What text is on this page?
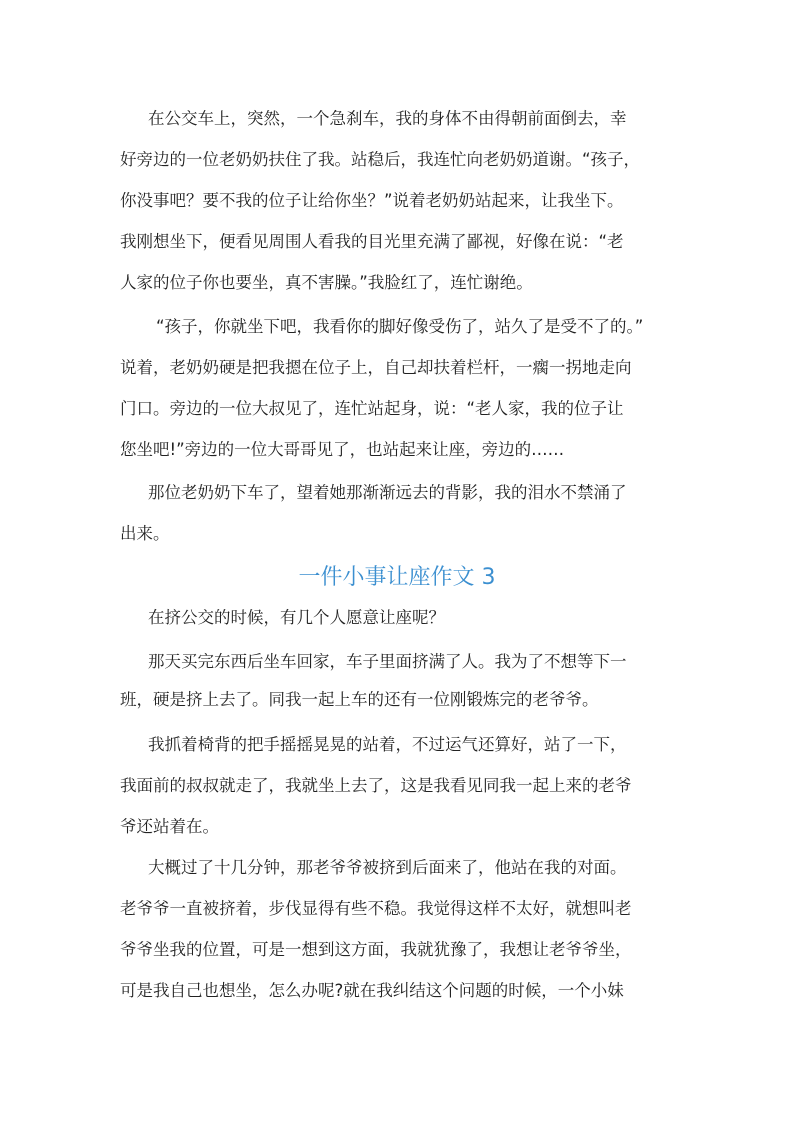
在公交车上，突然，一个急刹车，我的身体不由得朝前面倒去，幸
好旁边的一位老奶奶扶住了我。站稳后，我连忙向老奶奶道谢。“孩子，
你没事吧？要不我的位子让给你坐？”说着老奶奶站起来，让我坐下。
我刚想坐下，便看见周围人看我的目光里充满了鄙视，好像在说：“老
人家的位子你也要坐，真不害臊。”我脸红了，连忙谢绝。
“孩子，你就坐下吧，我看你的脚好像受伤了，站久了是受不了的。”
说着，老奶奶硬是把我摁在位子上，自己却扶着栏杆，一瘸一拐地走向
门口。旁边的一位大叔见了，连忙站起身，说：“老人家，我的位子让
您坐吧!”旁边的一位大哥哥见了，也站起来让座，旁边的……
那位老奶奶下车了，望着她那渐渐远去的背影，我的泪水不禁涌了
出来。
一件小事让座作文 3
在挤公交的时候，有几个人愿意让座呢？
那天买完东西后坐车回家，车子里面挤满了人。我为了不想等下一
班，硬是挤上去了。同我一起上车的还有一位刚锻炼完的老爷爷。
我抓着椅背的把手摇摇晃晃的站着，不过运气还算好，站了一下，
我面前的叔叔就走了，我就坐上去了，这是我看见同我一起上来的老爷
爷还站着在。
大概过了十几分钟，那老爷爷被挤到后面来了，他站在我的对面。
老爷爷一直被挤着，步伐显得有些不稳。我觉得这样不太好，就想叫老
爷爷坐我的位置，可是一想到这方面，我就犹豫了，我想让老爷爷坐，
可是我自己也想坐，怎么办呢?就在我纠结这个问题的时候，一个小妹
